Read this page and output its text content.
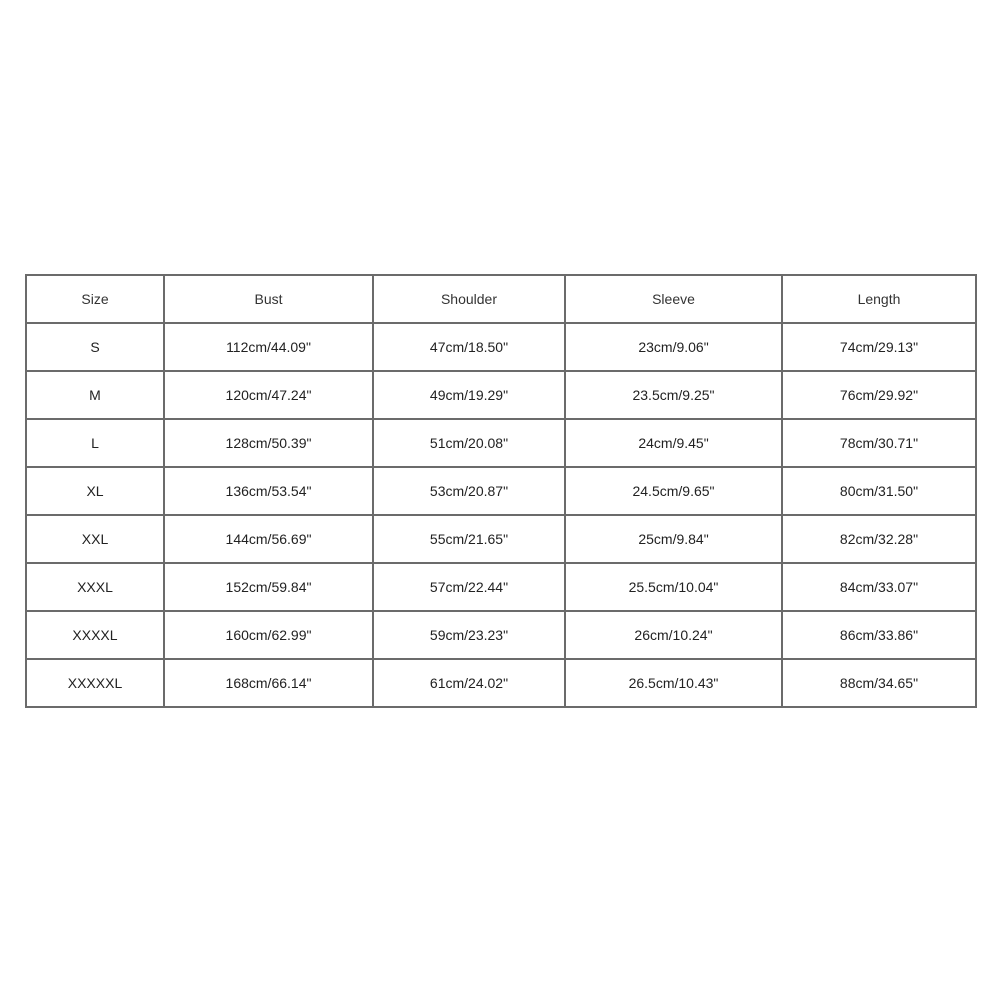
Size	Bust	Shoulder	Sleeve	Length
S	112cm/44.09"	47cm/18.50"	23cm/9.06"	74cm/29.13"
M	120cm/47.24"	49cm/19.29"	23.5cm/9.25"	76cm/29.92"
L	128cm/50.39"	51cm/20.08"	24cm/9.45"	78cm/30.71"
XL	136cm/53.54"	53cm/20.87"	24.5cm/9.65"	80cm/31.50"
XXL	144cm/56.69"	55cm/21.65"	25cm/9.84"	82cm/32.28"
XXXL	152cm/59.84"	57cm/22.44"	25.5cm/10.04"	84cm/33.07"
XXXXL	160cm/62.99"	59cm/23.23"	26cm/10.24"	86cm/33.86"
XXXXXL	168cm/66.14"	61cm/24.02"	26.5cm/10.43"	88cm/34.65"
